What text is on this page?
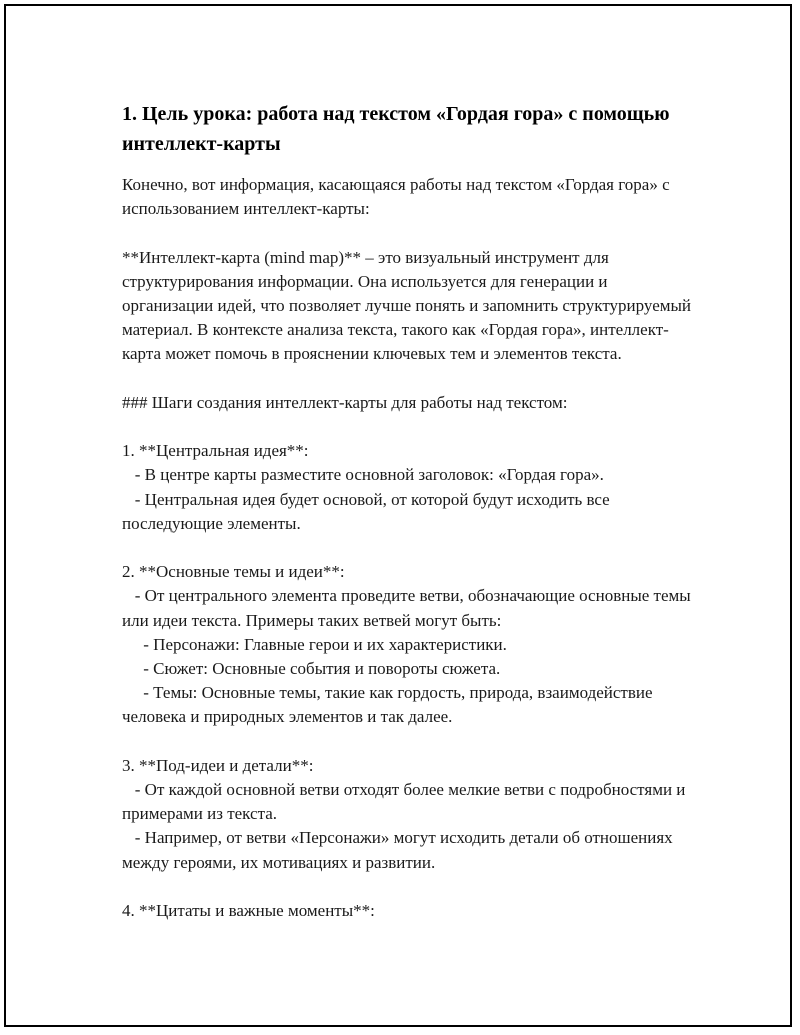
1. Цель урока: работа над текстом «Гордая гора» с помощью интеллект-карты

Конечно, вот информация, касающаяся работы над текстом «Гордая гора» с использованием интеллект-карты:

**Интеллект-карта (mind map)** – это визуальный инструмент для структурирования информации. Она используется для генерации и организации идей, что позволяет лучше понять и запомнить структурируемый материал. В контексте анализа текста, такого как «Гордая гора», интеллект-карта может помочь в прояснении ключевых тем и элементов текста.

### Шаги создания интеллект-карты для работы над текстом:

1. **Центральная идея**:

- В центре карты разместите основной заголовок: «Гордая гора».

- Центральная идея будет основой, от которой будут исходить все последующие элементы.

2. **Основные темы и идеи**:

- От центрального элемента проведите ветви, обозначающие основные темы или идеи текста. Примеры таких ветвей могут быть:

- Персонажи: Главные герои и их характеристики.

- Сюжет: Основные события и повороты сюжета.

- Темы: Основные темы, такие как гордость, природа, взаимодействие человека и природных элементов и так далее.

3. **Под-идеи и детали**:

- От каждой основной ветви отходят более мелкие ветви с подробностями и примерами из текста.

- Например, от ветви «Персонажи» могут исходить детали об отношениях между героями, их мотивациях и развитии.

4. **Цитаты и важные моменты**:
